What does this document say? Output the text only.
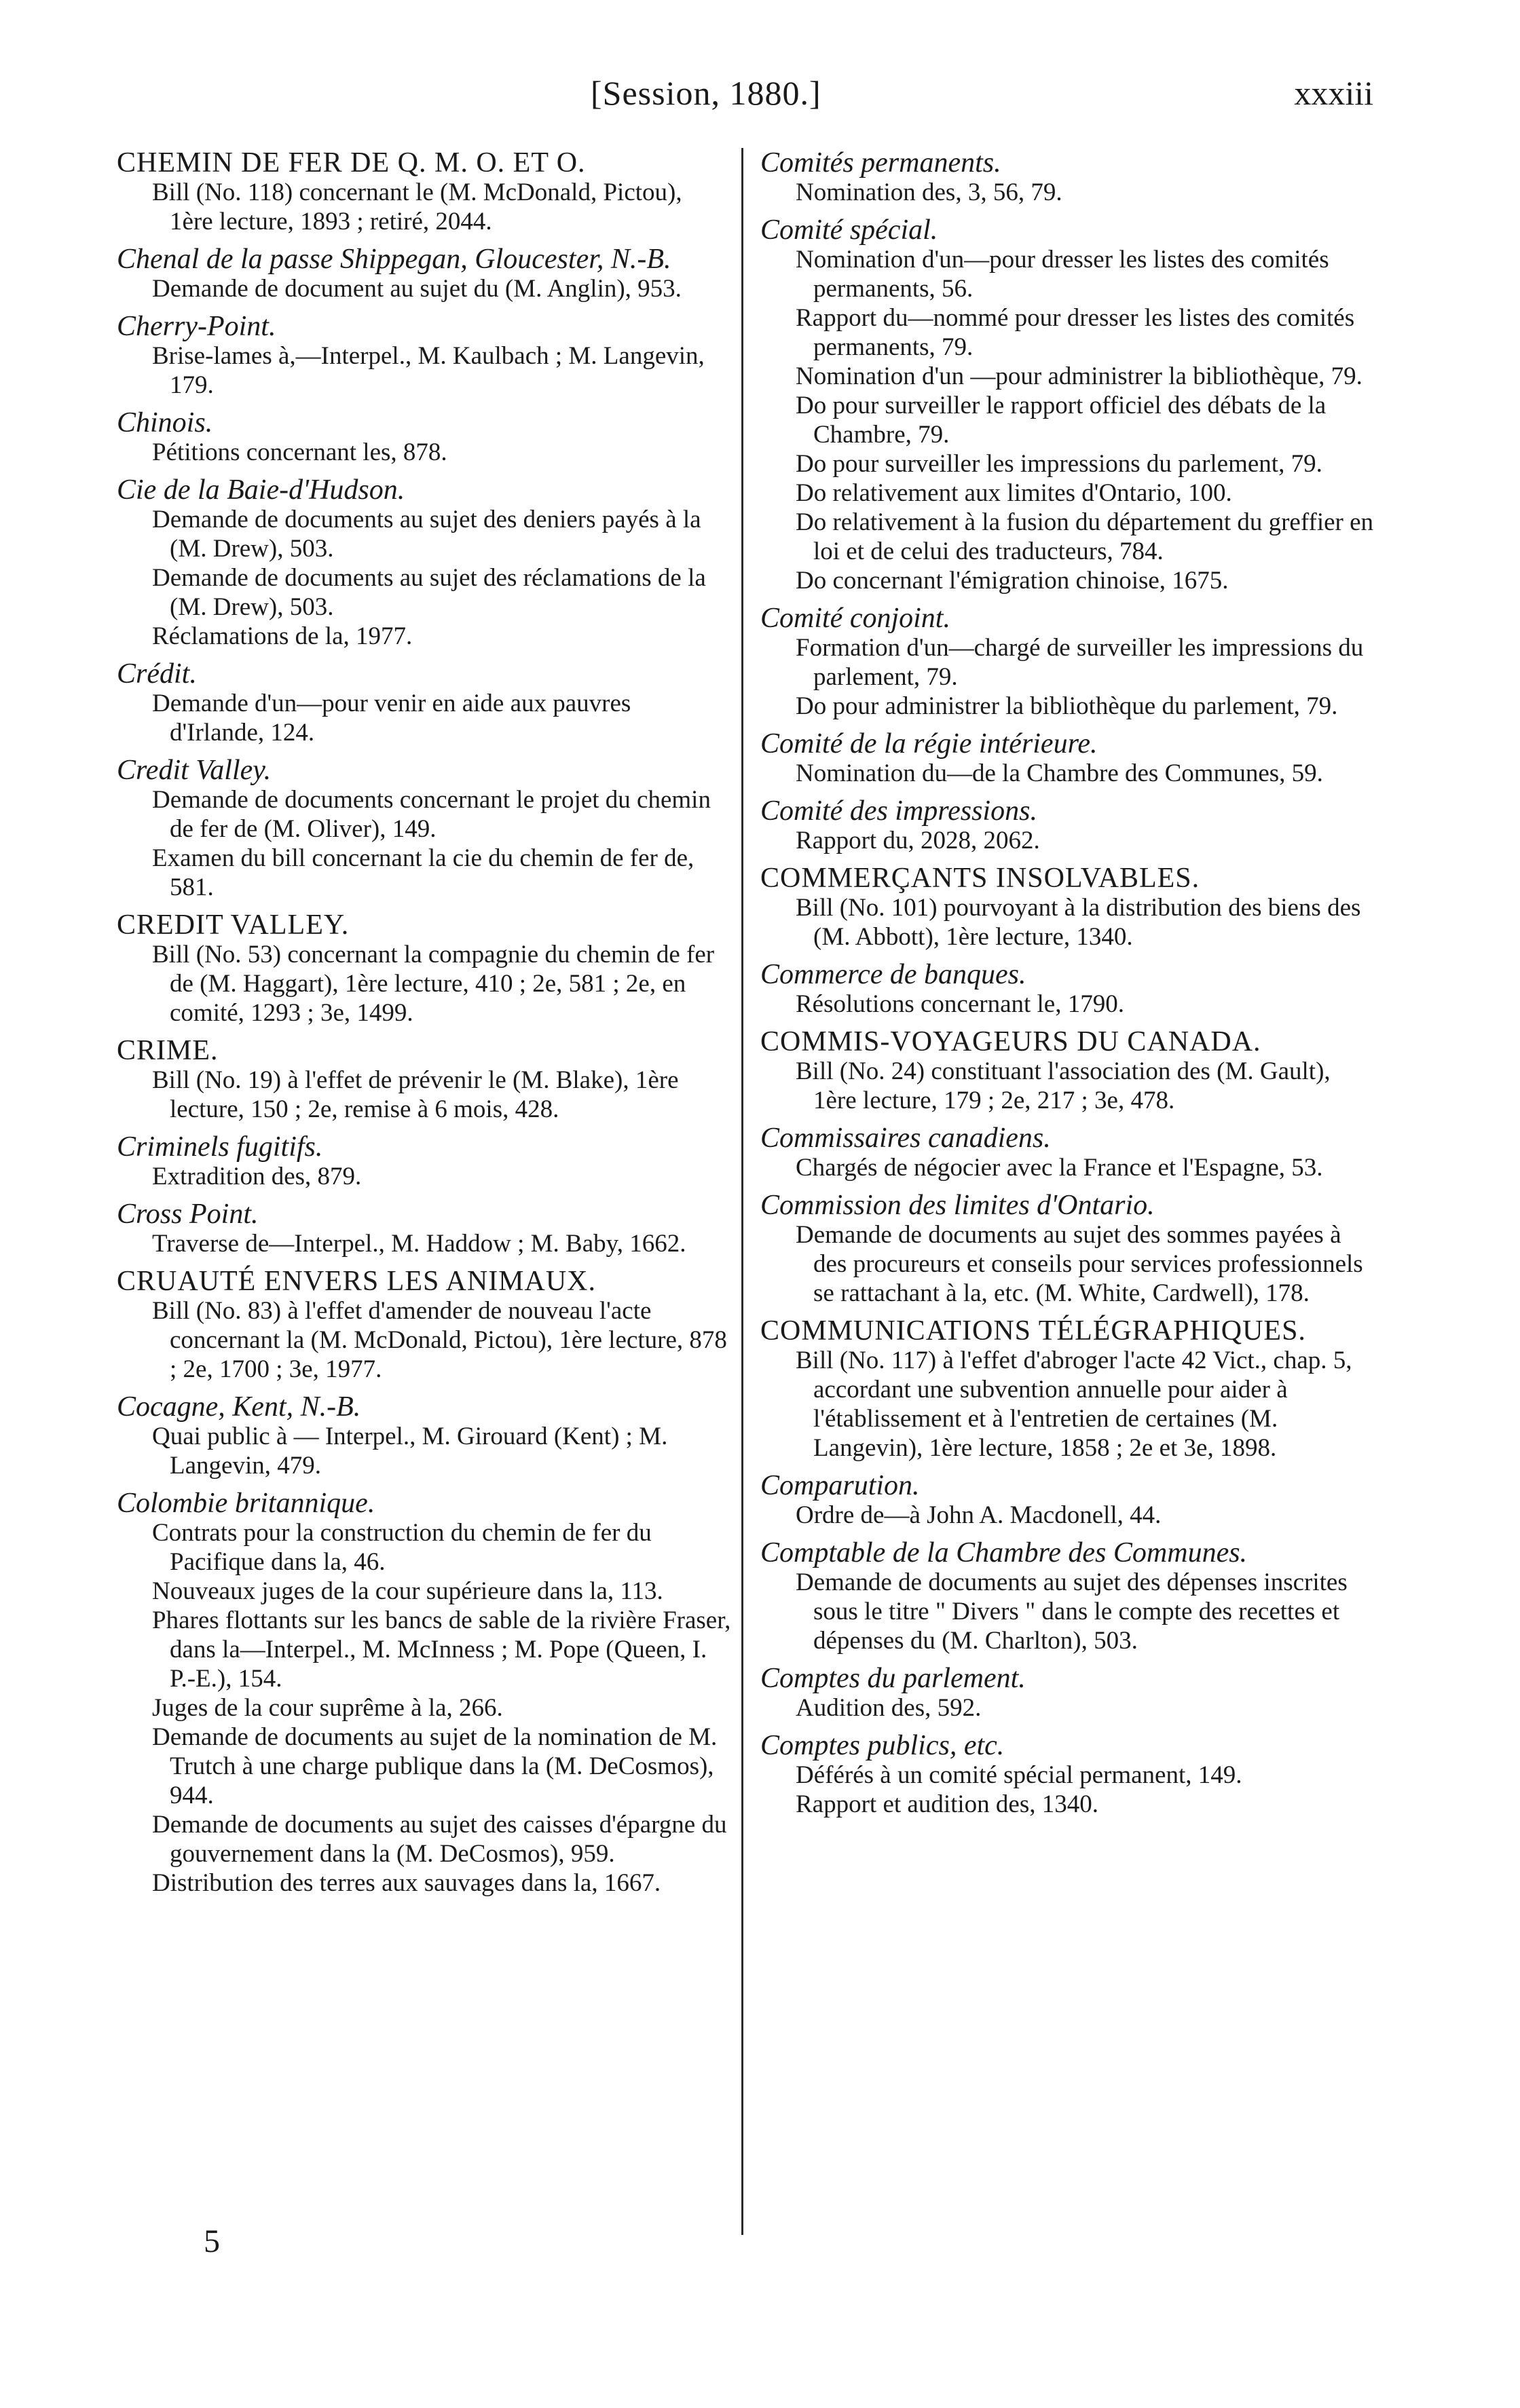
[Session, 1880.]	xxxiii
CHEMIN DE FER DE Q. M. O. ET O.
Bill (No. 118) concernant le (M. McDonald, Pictou), 1ère lecture, 1893 ; retiré, 2044.
Chenal de la passe Shippegan, Gloucester, N.-B.
Demande de document au sujet du (M. Anglin), 953.
Cherry-Point.
Brise-lames à,—Interpel., M. Kaulbach ; M. Langevin, 179.
Chinois.
Pétitions concernant les, 878.
Cie de la Baie-d'Hudson.
Demande de documents au sujet des deniers payés à la (M. Drew), 503.
Demande de documents au sujet des réclamations de la (M. Drew), 503.
Réclamations de la, 1977.
Crédit.
Demande d'un—pour venir en aide aux pauvres d'Irlande, 124.
Credit Valley.
Demande de documents concernant le projet du chemin de fer de (M. Oliver), 149.
Examen du bill concernant la cie du chemin de fer de, 581.
CREDIT VALLEY.
Bill (No. 53) concernant la compagnie du chemin de fer de (M. Haggart), 1ère lecture, 410 ; 2e, 581 ; 2e, en comité, 1293 ; 3e, 1499.
CRIME.
Bill (No. 19) à l'effet de prévenir le (M. Blake), 1ère lecture, 150 ; 2e, remise à 6 mois, 428.
Criminels fugitifs.
Extradition des, 879.
Cross Point.
Traverse de—Interpel., M. Haddow ; M. Baby, 1662.
CRUAUTÉ ENVERS LES ANIMAUX.
Bill (No. 83) à l'effet d'amender de nouveau l'acte concernant la (M. McDonald, Pictou), 1ère lecture, 878 ; 2e, 1700 ; 3e, 1977.
Cocagne, Kent, N.-B.
Quai public à — Interpel., M. Girouard (Kent) ; M. Langevin, 479.
Colombie britannique.
Contrats pour la construction du chemin de fer du Pacifique dans la, 46.
Nouveaux juges de la cour supérieure dans la, 113.
Phares flottants sur les bancs de sable de la rivière Fraser, dans la—Interpel., M. McInness ; M. Pope (Queen, I. P.-E.), 154.
Juges de la cour suprême à la, 266.
Demande de documents au sujet de la nomination de M. Trutch à une charge publique dans la (M. DeCosmos), 944.
Demande de documents au sujet des caisses d'épargne du gouvernement dans la (M. DeCosmos), 959.
Distribution des terres aux sauvages dans la, 1667.
Comités permanents.
Nomination des, 3, 56, 79.
Comité spécial.
Nomination d'un—pour dresser les listes des comités permanents, 56.
Rapport du—nommé pour dresser les listes des comités permanents, 79.
Nomination d'un —pour administrer la bibliothèque, 79.
Do pour surveiller le rapport officiel des débats de la Chambre, 79.
Do pour surveiller les impressions du parlement, 79.
Do relativement aux limites d'Ontario, 100.
Do relativement à la fusion du département du greffier en loi et de celui des traducteurs, 784.
Do concernant l'émigration chinoise, 1675.
Comité conjoint.
Formation d'un—chargé de surveiller les impressions du parlement, 79.
Do pour administrer la bibliothèque du parlement, 79.
Comité de la régie intérieure.
Nomination du—de la Chambre des Communes, 59.
Comité des impressions.
Rapport du, 2028, 2062.
COMMERÇANTS INSOLVABLES.
Bill (No. 101) pourvoyant à la distribution des biens des (M. Abbott), 1ère lecture, 1340.
Commerce de banques.
Résolutions concernant le, 1790.
COMMIS-VOYAGEURS DU CANADA.
Bill (No. 24) constituant l'association des (M. Gault), 1ère lecture, 179 ; 2e, 217 ; 3e, 478.
Commissaires canadiens.
Chargés de négocier avec la France et l'Espagne, 53.
Commission des limites d'Ontario.
Demande de documents au sujet des sommes payées à des procureurs et conseils pour services professionnels se rattachant à la, etc. (M. White, Cardwell), 178.
COMMUNICATIONS TÉLÉGRAPHIQUES.
Bill (No. 117) à l'effet d'abroger l'acte 42 Vict., chap. 5, accordant une subvention annuelle pour aider à l'établissement et à l'entretien de certaines (M. Langevin), 1ère lecture, 1858 ; 2e et 3e, 1898.
Comparution.
Ordre de—à John A. Macdonell, 44.
Comptable de la Chambre des Communes.
Demande de documents au sujet des dépenses inscrites sous le titre " Divers " dans le compte des recettes et dépenses du (M. Charlton), 503.
Comptes du parlement.
Audition des, 592.
Comptes publics, etc.
Déférés à un comité spécial permanent, 149.
Rapport et audition des, 1340.
5
